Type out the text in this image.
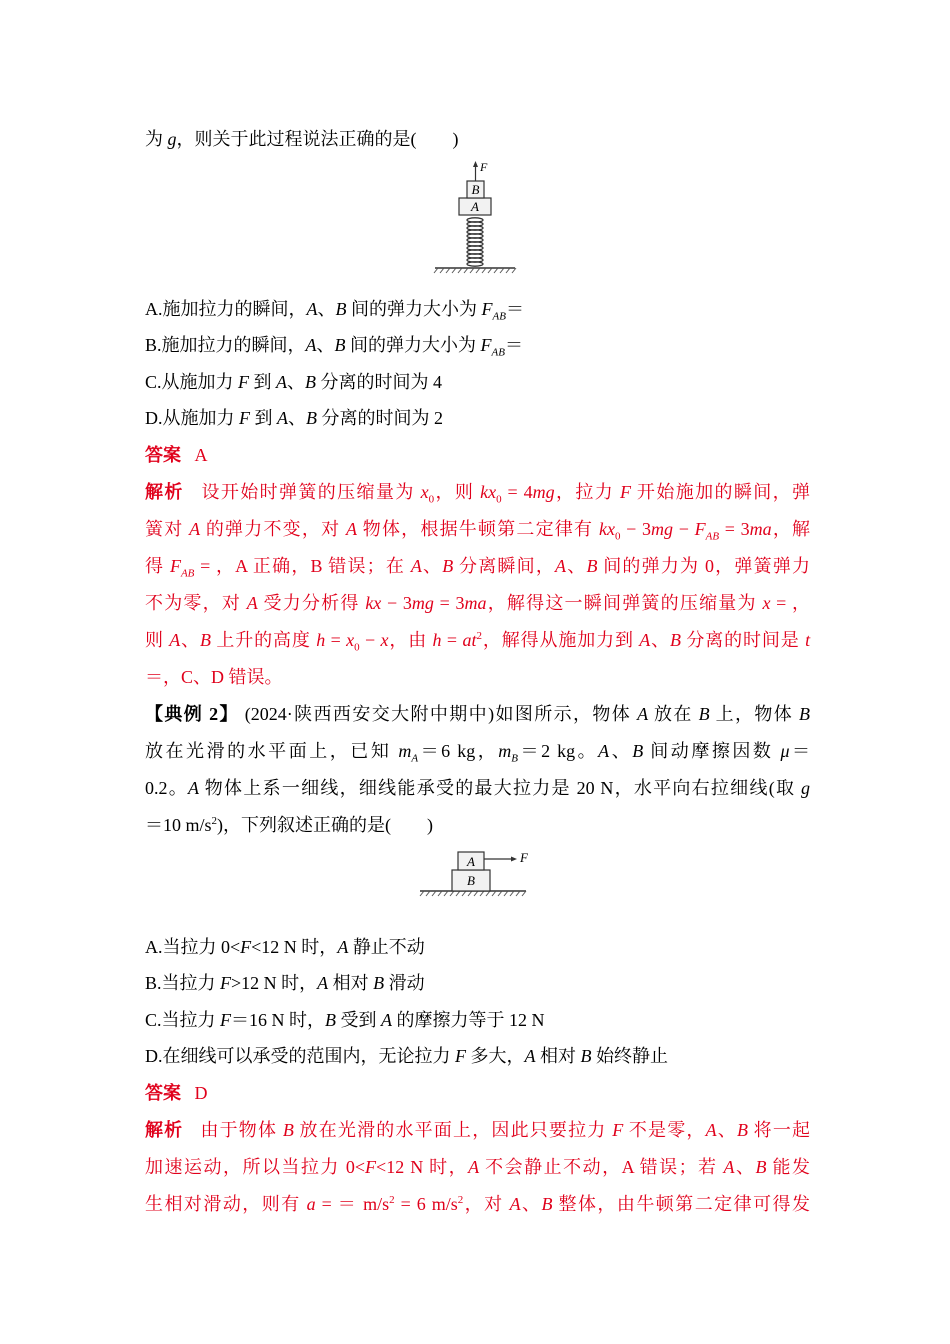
为 g，则关于此过程说法正确的是(　　 )
A
B
F
A.施加拉力的瞬间，A、B 间的弹力大小为 $F_{AB}=$
B.施加拉力的瞬间，A、B 间的弹力大小为 $F_{AB}=$
C.从施加力 F 到 A、B 分离的时间为 4
D.从施加力 F 到 A、B 分离的时间为 2
答案 A
解析 设开始时弹簧的压缩量为 $x_0$，则 $kx_0 = 4mg$，拉力 F 开始施加的瞬间，弹
簧对 A 的弹力不变，对 A 物体，根据牛顿第二定律有 $kx_0 - 3mg - F_{AB} = 3ma$，解
得 $F_{AB}$ = ，A 正确，B 错误；在 A、B 分离瞬间，A、B 间的弹力为 0，弹簧弹力
不为零，对 A 受力分析得 kx − 3mg = 3ma，解得这一瞬间弹簧的压缩量为 x = ，
则 A、B 上升的高度 $h = x_0 - x$，由 $h = at^2$，解得从施加力到 A、B 分离的时间是 t
＝，C、D 错误。
【典例 2】 (2024·陕西西安交大附中期中)如图所示，物体 A 放在 B 上，物体 B
放在光滑的水平面上，已知 $m_A=6$ kg，$m_B=2$ kg。A、B 间动摩擦因数 μ＝
0.2。A 物体上系一细线，细线能承受的最大拉力是 20 N，水平向右拉细线(取 g
＝10 $m/s^2$)，下列叙述正确的是(　　 )
B
A	F
A.当拉力 0<F<12 N 时，A 静止不动
B.当拉力 F>12 N 时，A 相对 B 滑动
C.当拉力 F＝16 N 时，B 受到 A 的摩擦力等于 12 N
D.在细线可以承受的范围内，无论拉力 F 多大，A 相对 B 始终静止
答案 D
解析 由于物体 B 放在光滑的水平面上，因此只要拉力 F 不是零，A、B 将一起
加速运动，所以当拉力 0<F<12 N 时，A 不会静止不动，A 错误；若 A、B 能发
生相对滑动，则有 a = ＝ $m/s^2 = 6$ $m/s^2$，对 A、B 整体，由牛顿第二定律可得发
